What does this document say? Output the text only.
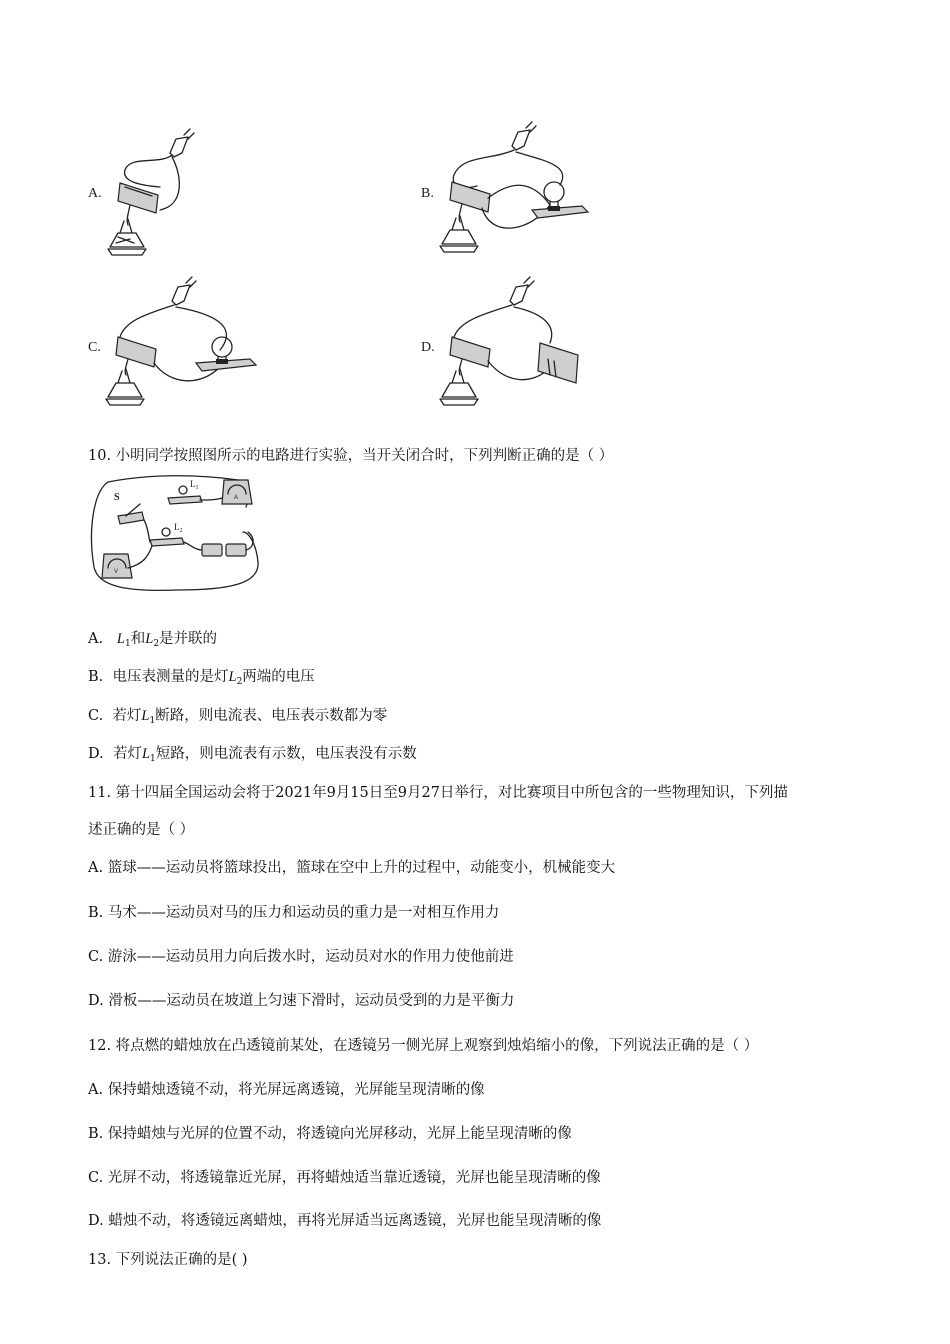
A.	B.
C.	D.
10. 小明同学按照图所示的电路进行实验，当开关闭合时，下列判断正确的是（ ）
S
$L_1$
A
$L_2$
V
A. $L_1$和$L_2$是并联的
B. 电压表测量的是灯$L_2$两端的电压
C. 若灯$L_1$断路，则电流表、电压表示数都为零
D. 若灯$L_1$短路，则电流表有示数，电压表没有示数
11. 第十四届全国运动会将于2021年9月15日至9月27日举行，对比赛项目中所包含的一些物理知识，下列描
述正确的是（ ）
A. 篮球——运动员将篮球投出，篮球在空中上升的过程中，动能变小，机械能变大
B. 马术——运动员对马的压力和运动员的重力是一对相互作用力
C. 游泳——运动员用力向后拨水时，运动员对水的作用力使他前进
D. 滑板——运动员在坡道上匀速下滑时，运动员受到的力是平衡力
12. 将点燃的蜡烛放在凸透镜前某处，在透镜另一侧光屏上观察到烛焰缩小的像，下列说法正确的是（ ）
A. 保持蜡烛透镜不动，将光屏远离透镜，光屏能呈现清晰的像
B. 保持蜡烛与光屏的位置不动，将透镜向光屏移动，光屏上能呈现清晰的像
C. 光屏不动，将透镜靠近光屏，再将蜡烛适当靠近透镜，光屏也能呈现清晰的像
D. 蜡烛不动，将透镜远离蜡烛，再将光屏适当远离透镜，光屏也能呈现清晰的像
13. 下列说法正确的是( )
